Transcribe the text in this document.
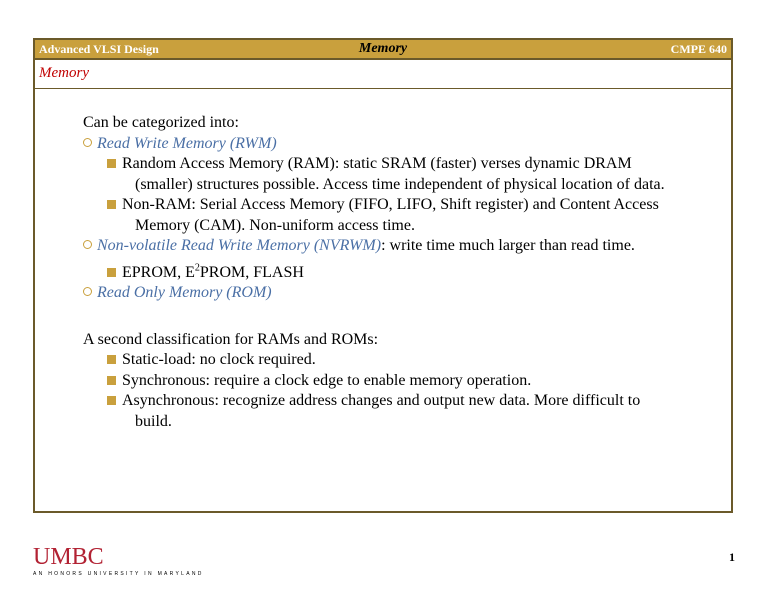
Advanced VLSI Design	Memory	CMPE 640
Memory
Can be categorized into:
Read Write Memory (RWM)
Random Access Memory (RAM): static SRAM (faster) verses dynamic DRAM
(smaller) structures possible. Access time independent of physical location of data.
Non-RAM: Serial Access Memory (FIFO, LIFO, Shift register) and Content Access
Memory (CAM). Non-uniform access time.
Non-volatile Read Write Memory (NVRWM): write time much larger than read time.
EPROM, $E^2PROM$, FLASH
Read Only Memory (ROM)
A second classification for RAMs and ROMs:
Static-load: no clock required.
Synchronous: require a clock edge to enable memory operation.
Asynchronous: recognize address changes and output new data. More difficult to
build.
UMBC
AN HONORS UNIVERSITY IN MARYLAND
1
